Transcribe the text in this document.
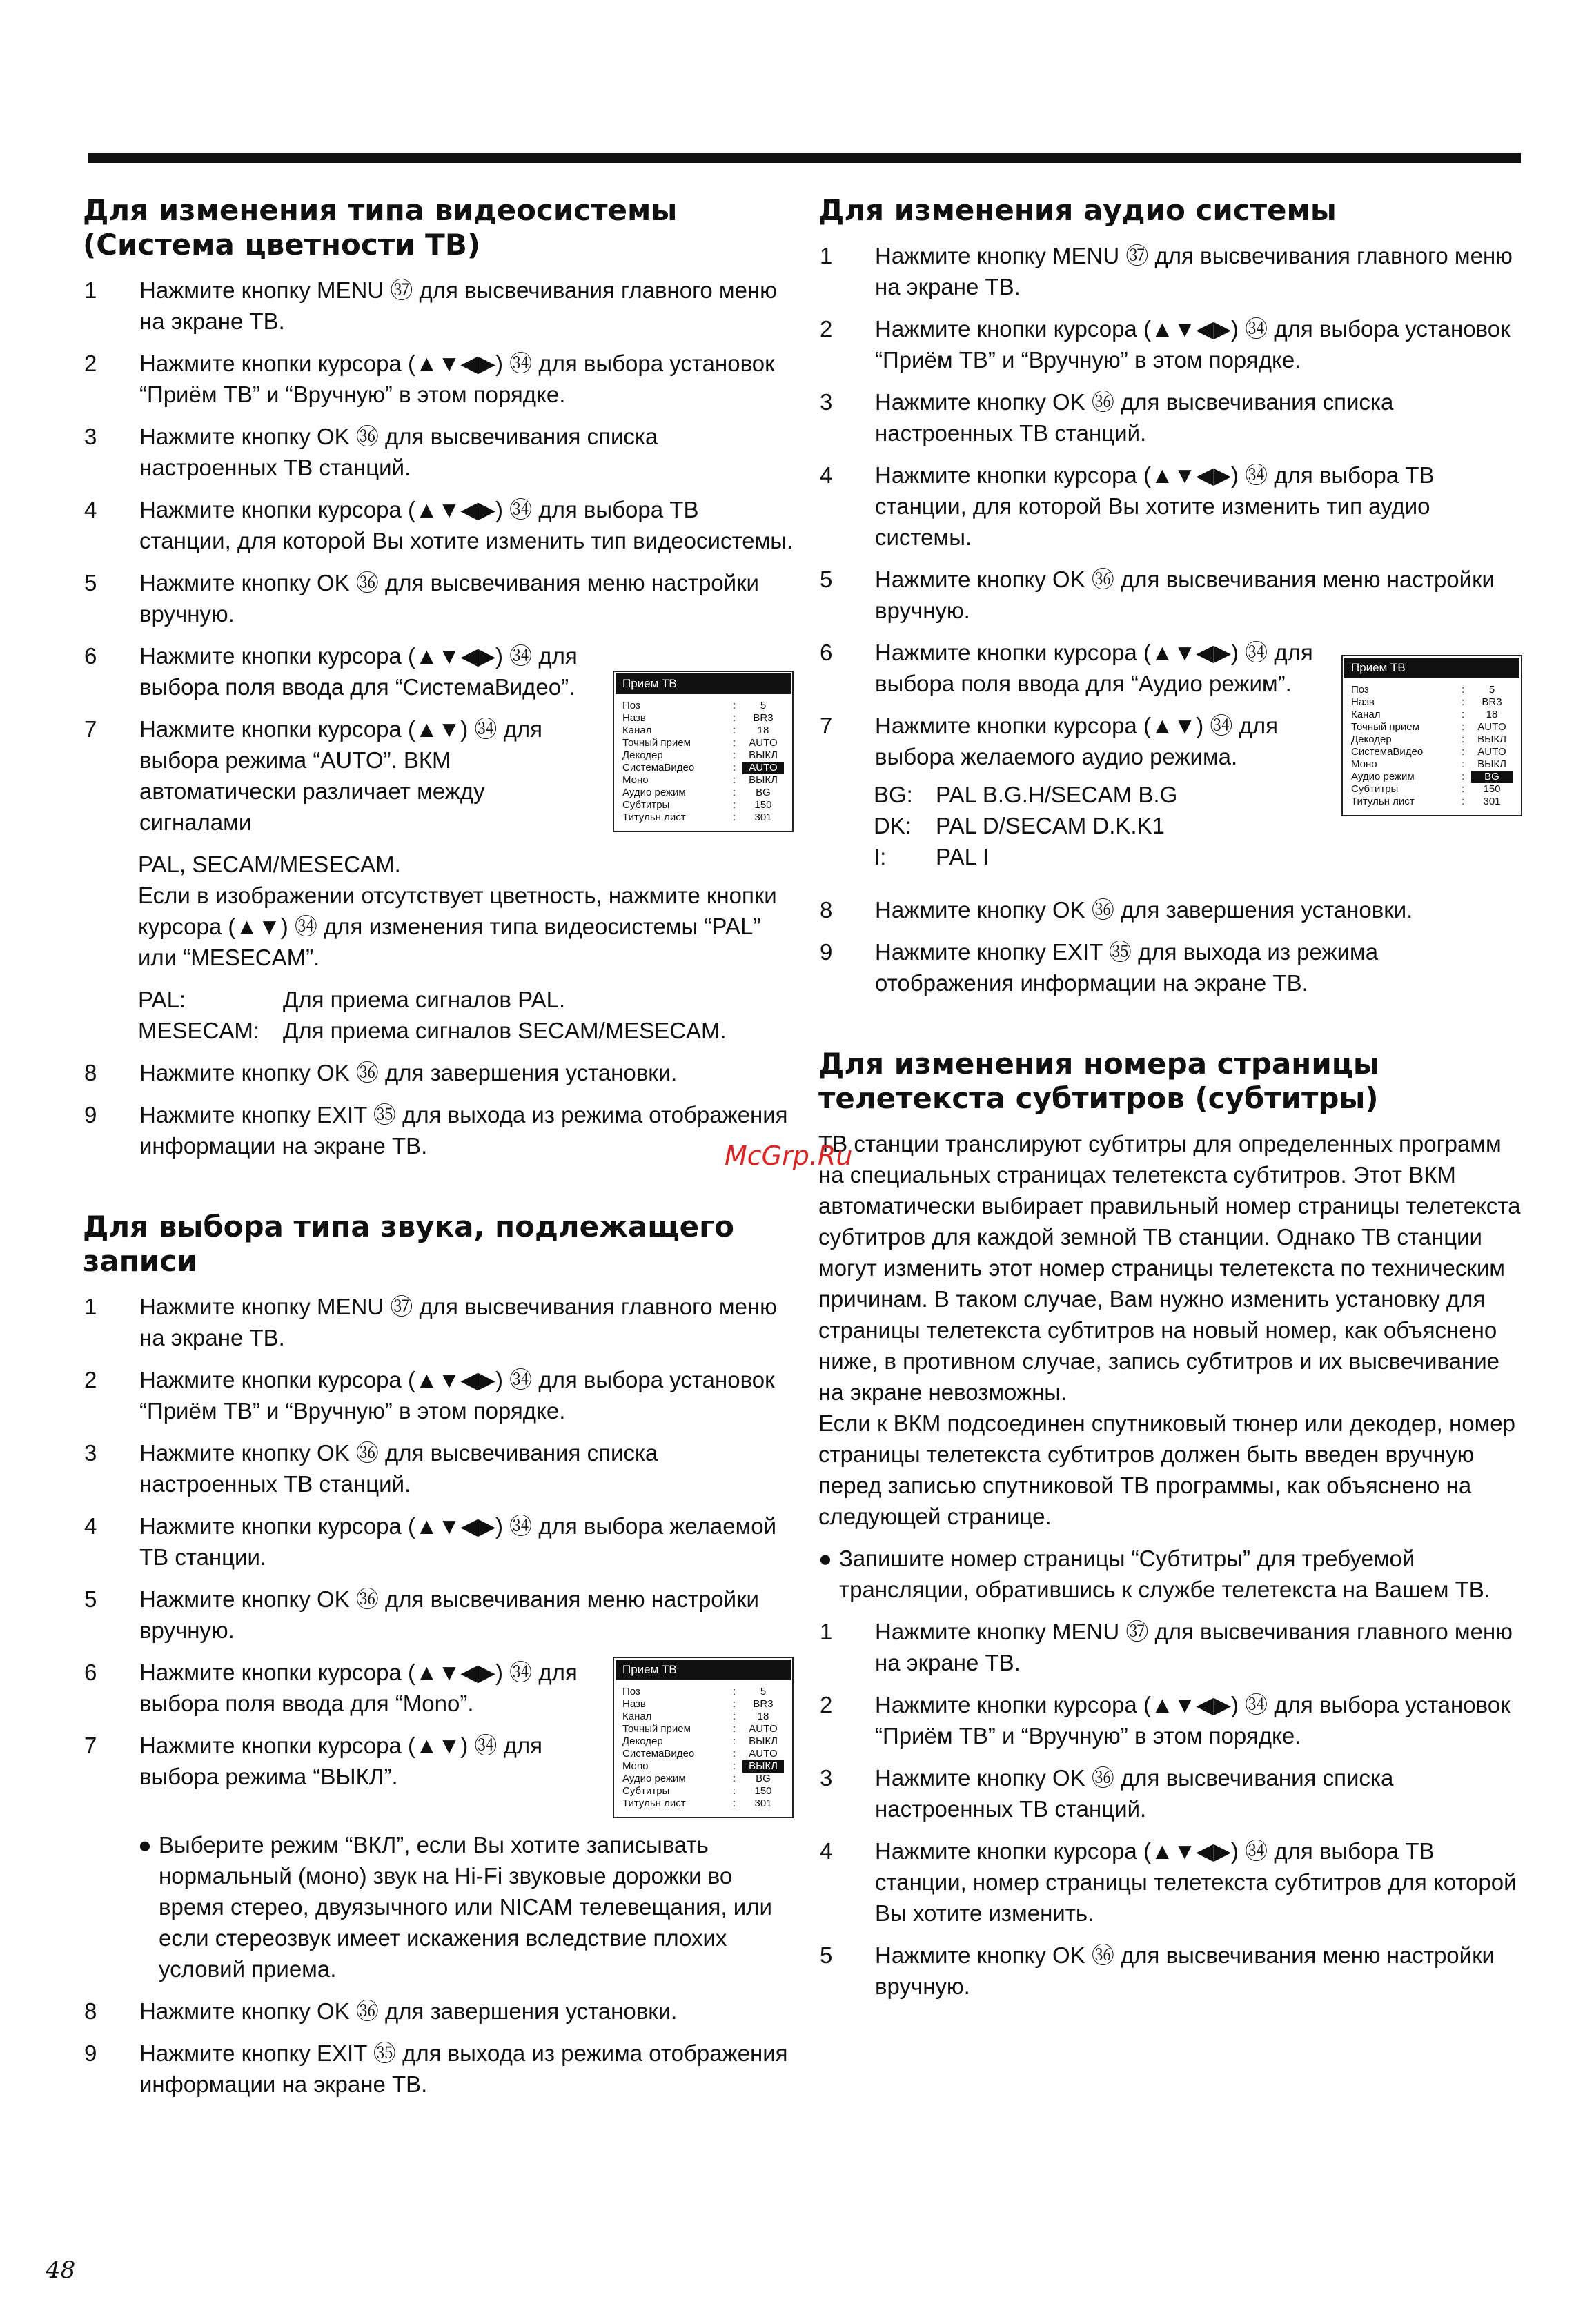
Для изменения типа видеосистемы (Система цветности ТВ)
1	Нажмите кнопку MENU ㊲ для высвечивания главного меню на экране ТВ.
2	Нажмите кнопки курсора (▲▼◀▶) ㉞ для выбора установок “Приём ТВ” и “Вручную” в этом порядке.
3	Нажмите кнопку OK ㊱ для высвечивания списка настроенных ТВ станций.
4	Нажмите кнопки курсора (▲▼◀▶) ㉞ для выбора ТВ станции, для которой Вы хотите изменить тип видеосистемы.
5	Нажмите кнопку OK ㊱ для высвечивания меню настройки вручную.
6	Нажмите кнопки курсора (▲▼◀▶) ㉞ для выбора поля ввода для “СистемаВидео”.
7	Нажмите кнопки курсора (▲▼) ㉞ для выбора режима “AUTO”. ВКМ автоматически различает между сигналами
Прием ТВ
Поз	:	5
Назв	:	BR3
Канал	:	18
Точный прием	:	AUTO
Декодер	:	ВЫКЛ
СистемаВидео	:	AUTO
Моно	:	ВЫКЛ
Аудио режим	:	BG
Субтитры	:	150
Титульн лист	:	301
PAL, SECAM/MESECAM.
Если в изображении отсутствует цветность, нажмите кнопки курсора (▲▼) ㉞ для изменения типа видеосистемы “PAL” или “MESECAM”.
PAL:	Для приема сигналов PAL.
MESECAM:	Для приема сигналов SECAM/MESECAM.
8	Нажмите кнопку OK ㊱ для завершения установки.
9	Нажмите кнопку EXIT ㉟ для выхода из режима отображения информации на экране ТВ.
Для выбора типа звука, подлежащего записи
1	Нажмите кнопку MENU ㊲ для высвечивания главного меню на экране ТВ.
2	Нажмите кнопки курсора (▲▼◀▶) ㉞ для выбора установок “Приём ТВ” и “Вручную” в этом порядке.
3	Нажмите кнопку OK ㊱ для высвечивания списка настроенных ТВ станций.
4	Нажмите кнопки курсора (▲▼◀▶) ㉞ для выбора желаемой ТВ станции.
5	Нажмите кнопку OK ㊱ для высвечивания меню настройки вручную.
6	Нажмите кнопки курсора (▲▼◀▶) ㉞ для выбора поля ввода для “Mono”.
7	Нажмите кнопки курсора (▲▼) ㉞ для выбора режима “ВЫКЛ”.
Прием ТВ
Поз	:	5
Назв	:	BR3
Канал	:	18
Точный прием	:	AUTO
Декодер	:	ВЫКЛ
СистемаВидео	:	AUTO
Mono	:	ВЫКЛ
Аудио режим	:	BG
Субтитры	:	150
Титульн лист	:	301
● Выберите режим “ВКЛ”, если Вы хотите записывать нормальный (моно) звук на Hi-Fi звуковые дорожки во время стерео, двуязычного или NICAM телевещания, или если стереозвук имеет искажения вследствие плохих условий приема.
8	Нажмите кнопку OK ㊱ для завершения установки.
9	Нажмите кнопку EXIT ㉟ для выхода из режима отображения информации на экране ТВ.
Для изменения аудио системы
1	Нажмите кнопку MENU ㊲ для высвечивания главного меню на экране ТВ.
2	Нажмите кнопки курсора (▲▼◀▶) ㉞ для выбора установок “Приём ТВ” и “Вручную” в этом порядке.
3	Нажмите кнопку OK ㊱ для высвечивания списка настроенных ТВ станций.
4	Нажмите кнопки курсора (▲▼◀▶) ㉞ для выбора ТВ станции, для которой Вы хотите изменить тип аудио системы.
5	Нажмите кнопку OK ㊱ для высвечивания меню настройки вручную.
6	Нажмите кнопки курсора (▲▼◀▶) ㉞ для выбора поля ввода для “Аудио режим”.
7	Нажмите кнопки курсора (▲▼) ㉞ для выбора желаемого аудио режима.
BG:	PAL B.G.H/SECAM B.G
DK:	PAL D/SECAM D.K.K1
I:	PAL I
Прием ТВ
Поз	:	5
Назв	:	BR3
Канал	:	18
Точный прием	:	AUTO
Декодер	:	ВЫКЛ
СистемаВидео	:	AUTO
Моно	:	ВЫКЛ
Аудио режим	:	BG
Субтитры	:	150
Титульн лист	:	301
8	Нажмите кнопку OK ㊱ для завершения установки.
9	Нажмите кнопку EXIT ㉟ для выхода из режима отображения информации на экране ТВ.
Для изменения номера страницы телетекста субтитров (субтитры)

ТВ станции транслируют субтитры для определенных программ на специальных страницах телетекста субтитров. Этот ВКМ автоматически выбирает правильный номер страницы телетекста субтитров для каждой земной ТВ станции. Однако ТВ станции могут изменить этот номер страницы телетекста по техническим причинам. В таком случае, Вам нужно изменить установку для страницы телетекста субтитров на новый номер, как объяснено ниже, в противном случае, запись субтитров и их высвечивание на экране невозможны.

Если к ВКМ подсоединен спутниковый тюнер или декодер, номер страницы телетекста субтитров должен быть введен вручную перед записью спутниковой ТВ программы, как объяснено на следующей странице.

● Запишите номер страницы “Субтитры” для требуемой трансляции, обратившись к службе телетекста на Вашем ТВ.
1	Нажмите кнопку MENU ㊲ для высвечивания главного меню на экране ТВ.
2	Нажмите кнопки курсора (▲▼◀▶) ㉞ для выбора установок “Приём ТВ” и “Вручную” в этом порядке.
3	Нажмите кнопку OK ㊱ для высвечивания списка настроенных ТВ станций.
4	Нажмите кнопки курсора (▲▼◀▶) ㉞ для выбора ТВ станции, номер страницы телетекста субтитров для которой Вы хотите изменить.
5	Нажмите кнопку OK ㊱ для высвечивания меню настройки вручную.
McGrp.Ru
48
